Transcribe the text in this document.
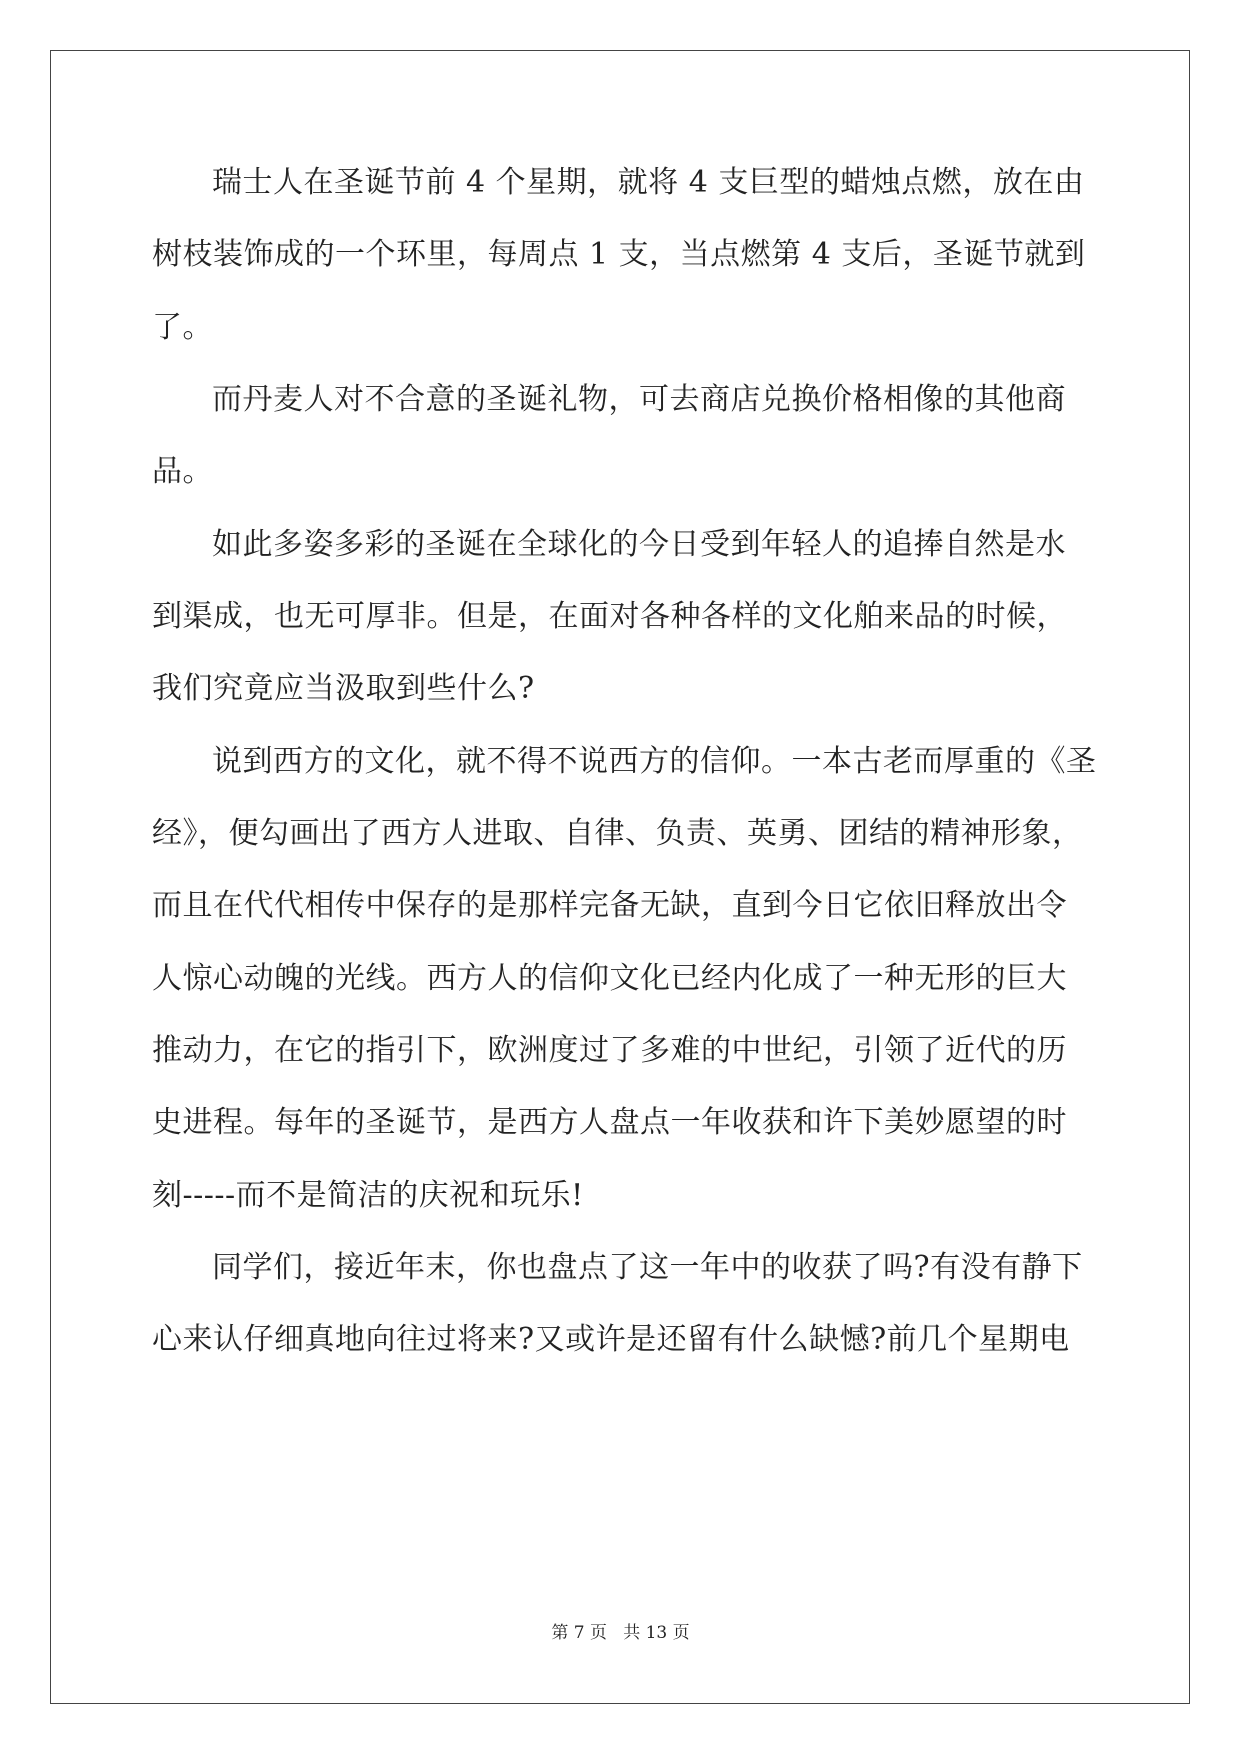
瑞士人在圣诞节前 4 个星期，就将 4 支巨型的蜡烛点燃，放在由
树枝装饰成的一个环里，每周点 1 支，当点燃第 4 支后，圣诞节就到
了。
而丹麦人对不合意的圣诞礼物，可去商店兑换价格相像的其他商
品。
如此多姿多彩的圣诞在全球化的今日受到年轻人的追捧自然是水
到渠成，也无可厚非。但是，在面对各种各样的文化舶来品的时候，
我们究竟应当汲取到些什么?
说到西方的文化，就不得不说西方的信仰。一本古老而厚重的《圣
经》，便勾画出了西方人进取、自律、负责、英勇、团结的精神形象，
而且在代代相传中保存的是那样完备无缺，直到今日它依旧释放出令
人惊心动魄的光线。西方人的信仰文化已经内化成了一种无形的巨大
推动力，在它的指引下，欧洲度过了多难的中世纪，引领了近代的历
史进程。每年的圣诞节，是西方人盘点一年收获和许下美妙愿望的时
刻-----而不是简洁的庆祝和玩乐!
同学们，接近年末，你也盘点了这一年中的收获了吗?有没有静下
心来认仔细真地向往过将来?又或许是还留有什么缺憾?前几个星期电
第 7 页 共 13 页
